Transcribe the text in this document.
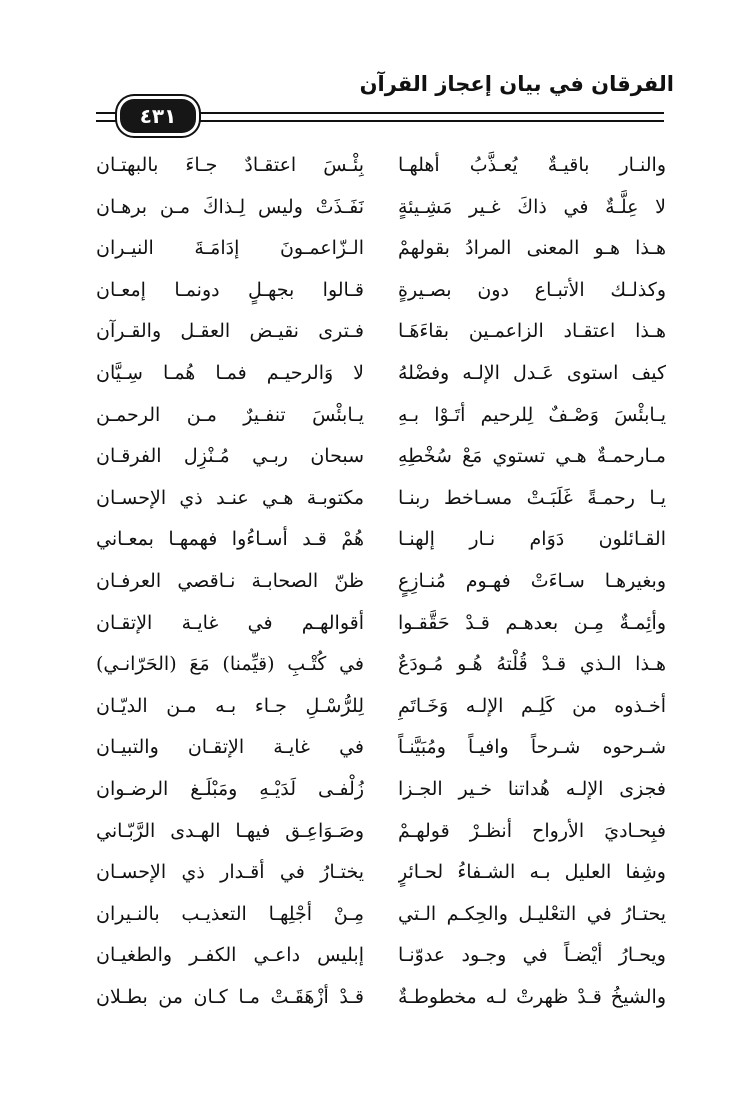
الفرقان في بيان إعجاز القرآن
٤٣١
والنـار باقيـةٌ يُعـذَّبُ أهلهـا
لا عِلَّـةٌ في ذاكَ غـير مَشِـيئةٍ
هـذا هـو المعنى المرادُ بقولهمْ
وكذلـك الأتبـاع دون بصـيرةٍ
هـذا اعتقـاد الزاعمـين بقاءَهَـا
كيف استوى عَـدل الإلـه وفضْلهُ
يـابئْسَ وَصْـفٌ لِلرحيم أتَـوْا بـهِ
مـارحمـةٌ هـي تستوي مَعْ سُخْطِهِ
يـا رحمـةً غَلَبَـتْ مسـاخط ربنـا
القـائلون دَوَام نـار إلهنـا
وبغيرهـا سـاءَتْ فهـوم مُنـازِعٍ
وأئِمـةٌ مِـن بعدهـم قـدْ حَقَّقـوا
هـذا الـذي قـدْ قُلْتهُ هُـو مُـودَعٌ
أخـذوه من كَلِـم الإلـه وَخَـاتَمِ
شـرحوه شـرحاً وافيـاً ومُبَيَّنـاً
فجزى الإلـه هُداتنا خـير الجـزا
فبِحـاديَ الأرواح أنظـرْ قولهـمْ
وشِفا العليل بـه الشـفاءُ لحـائرٍ
يحتـارُ في التعْليـل والحِكـم الـتي
ويحـارُ أيْضـاً في وجـود عدوّنـا
والشيخُ قـدْ ظهرتْ لـه مخطوطـةٌ
بِئْـسَ اعتقـادٌ جـاءَ بالبهتـان
نَفَـذَتْ وليس لِـذاكَ مـن برهـان
الـزّاعمـونَ إدَامَـةَ النيـران
قـالوا بجهـلٍ دونمـا إمعـان
فـترى نقيـض العقـل والقـرآن
لا وَالرحيـم فمـا هُمـا سِـيَّان
يـابئْسَ تنفـيرٌ مـن الرحمـن
سبحان ربـي مُـنْزِل الفرقـان
مكتوبـة هـي عنـد ذي الإحسـان
هُمْ قـد أسـاءُوا فهمهـا بمعـاني
ظنّ الصحابـة نـاقصي العرفـان
أقوالهـم في غايـة الإتقـان
في كُتْـبِ (قيِّمنا) مَعَ (الحَرّانـي)
لِلرُّسْـلِ جـاء بـه مـن الديّـان
في غايـة الإتقـان والتبيـان
زُلْفـى لَدَيْـهِ ومَبْلَـغ الرضـوان
وصَـوَاعِـق فيهـا الهـدى الرَّبّـاني
يختـارُ في أقـدار ذي الإحسـان
مِـنْ أجْلِهـا التعذيـب بالنـيران
إبليس داعـي الكفـر والطغيـان
قـدْ أزْهَقَـتْ مـا كـان من بطـلان
